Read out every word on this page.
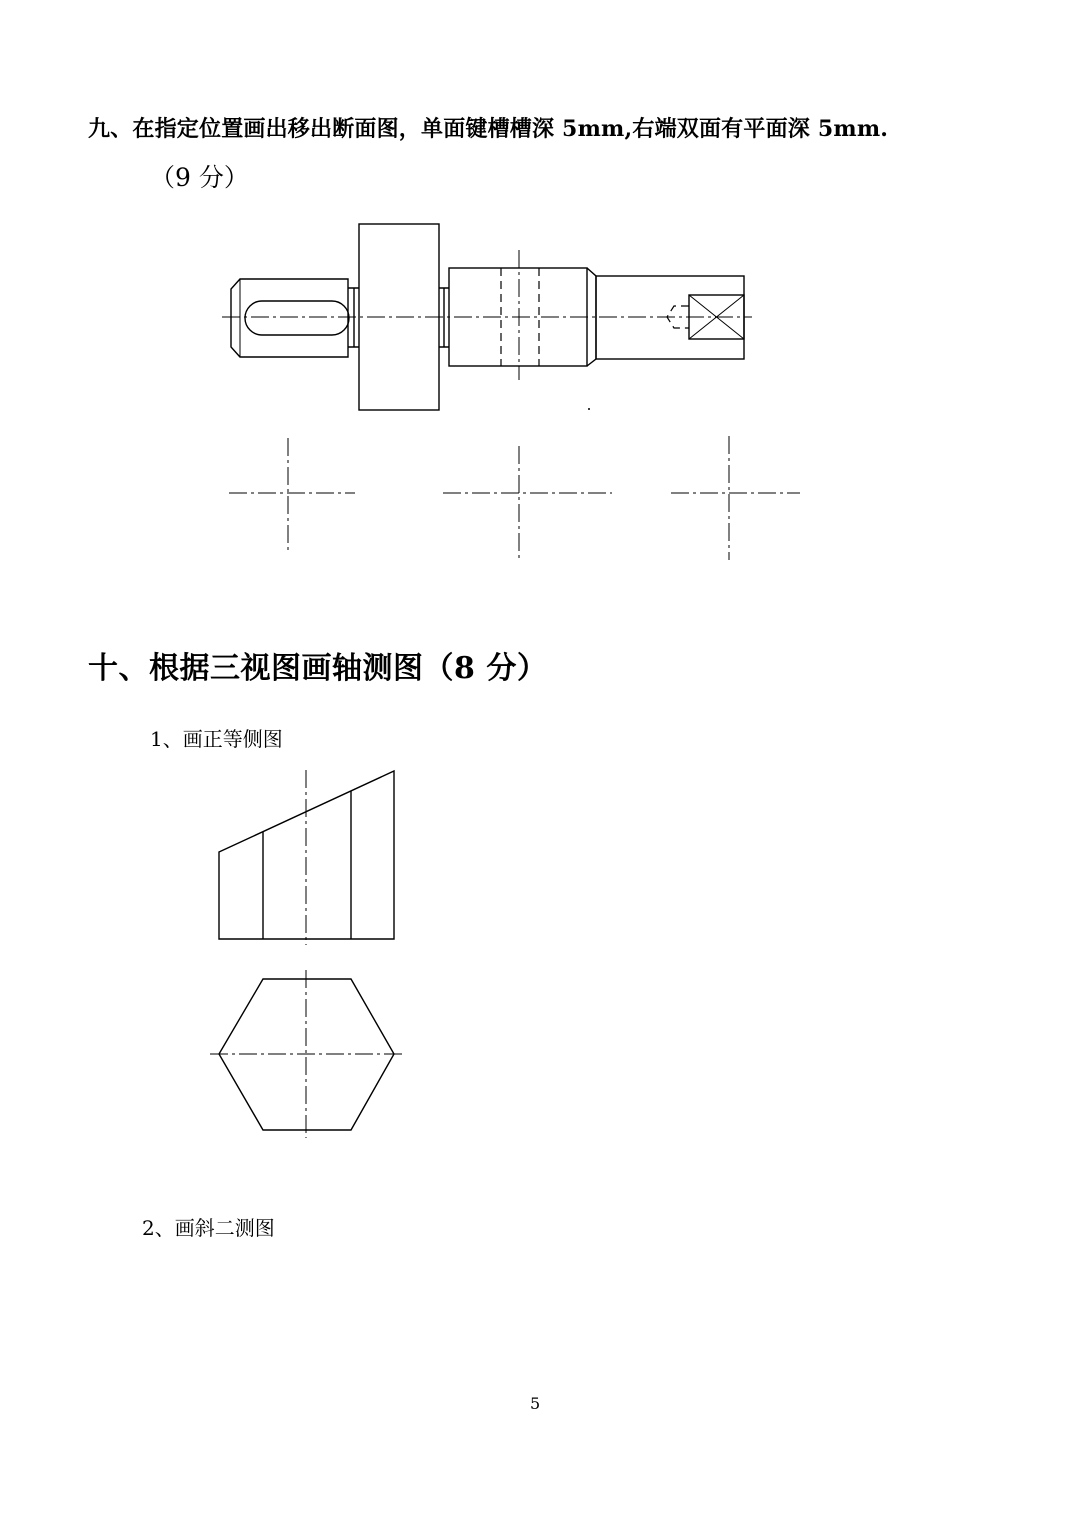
九、在指定位置画出移出断面图，单面键槽槽深 5mm,右端双面有平面深 5mm.
（9 分）
十、根据三视图画轴测图（8 分）
1、画正等侧图
2、画斜二测图
5
